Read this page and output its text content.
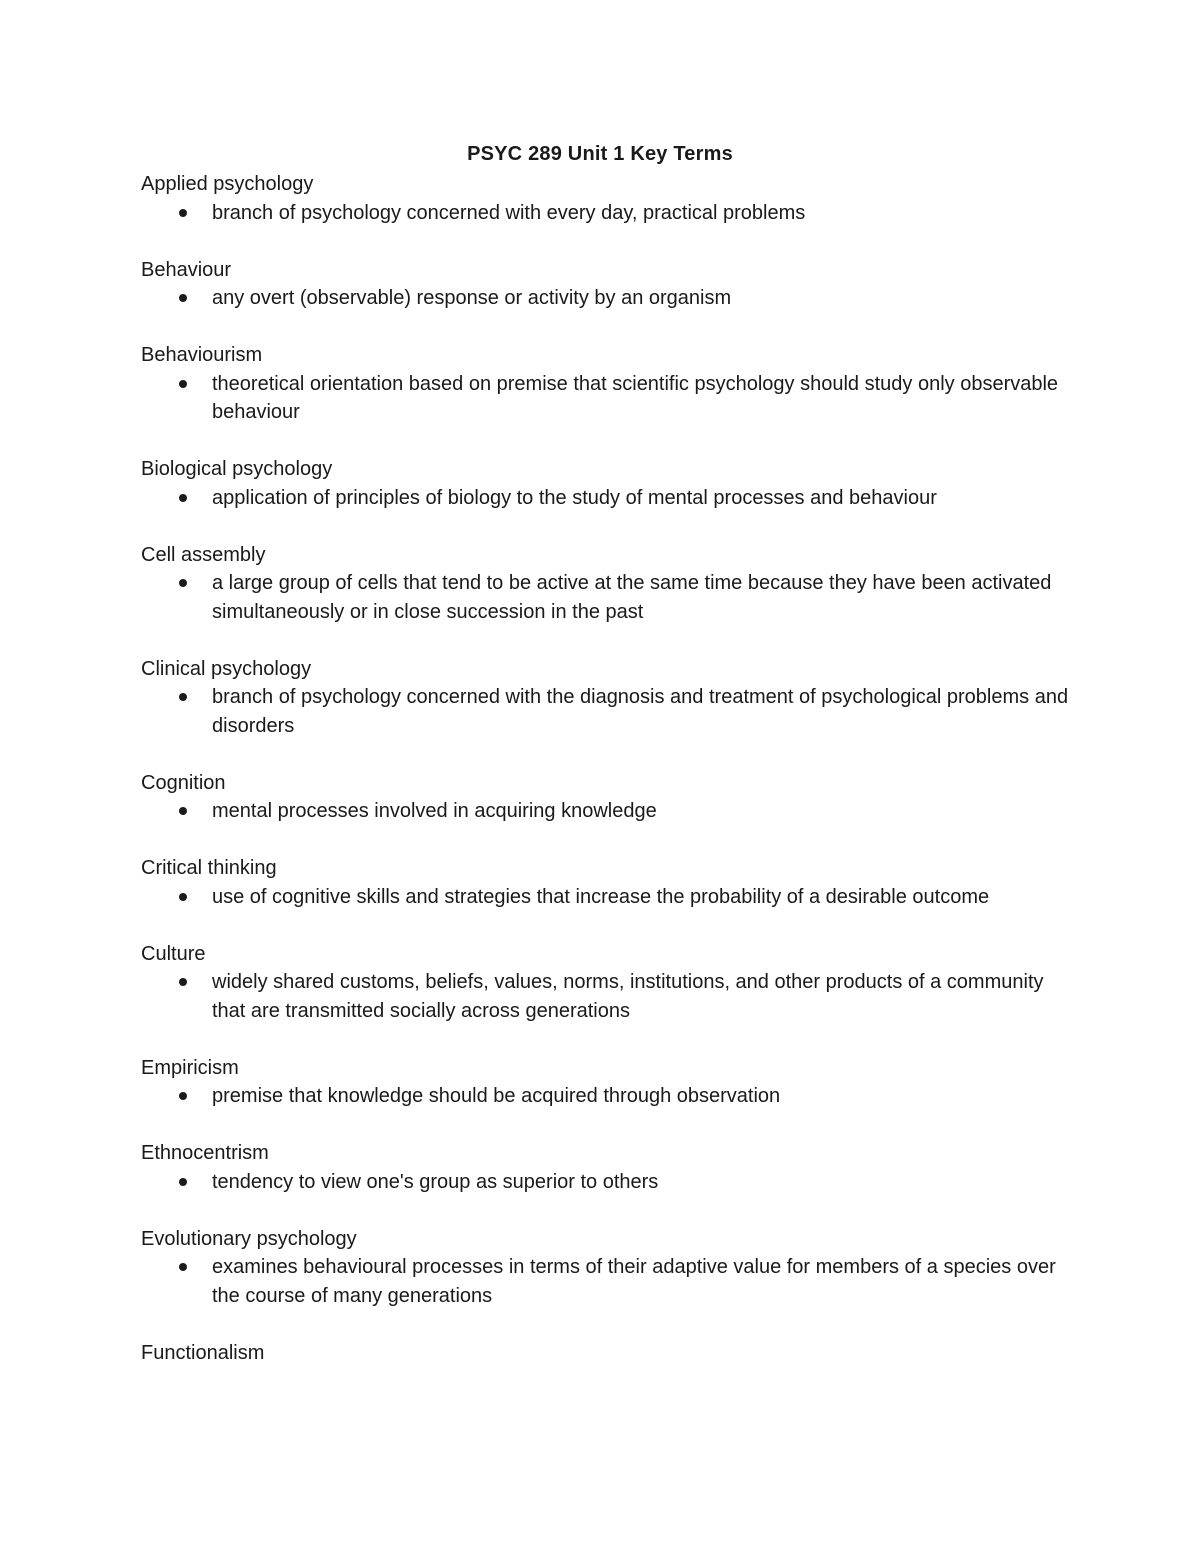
PSYC 289 Unit 1 Key Terms
Applied psychology
branch of psychology concerned with every day, practical problems
Behaviour
any overt (observable) response or activity by an organism
Behaviourism
theoretical orientation based on premise that scientific psychology should study only observable behaviour
Biological psychology
application of principles of biology to the study of mental processes and behaviour
Cell assembly
a large group of cells that tend to be active at the same time because they have been activated simultaneously or in close succession in the past
Clinical psychology
branch of psychology concerned with the diagnosis and treatment of psychological problems and disorders
Cognition
mental processes involved in acquiring knowledge
Critical thinking
use of cognitive skills and strategies that increase the probability of a desirable outcome
Culture
widely shared customs, beliefs, values, norms, institutions, and other products of a community that are transmitted socially across generations
Empiricism
premise that knowledge should be acquired through observation
Ethnocentrism
tendency to view one's group as superior to others
Evolutionary psychology
examines behavioural processes in terms of their adaptive value for members of a species over the course of many generations
Functionalism
